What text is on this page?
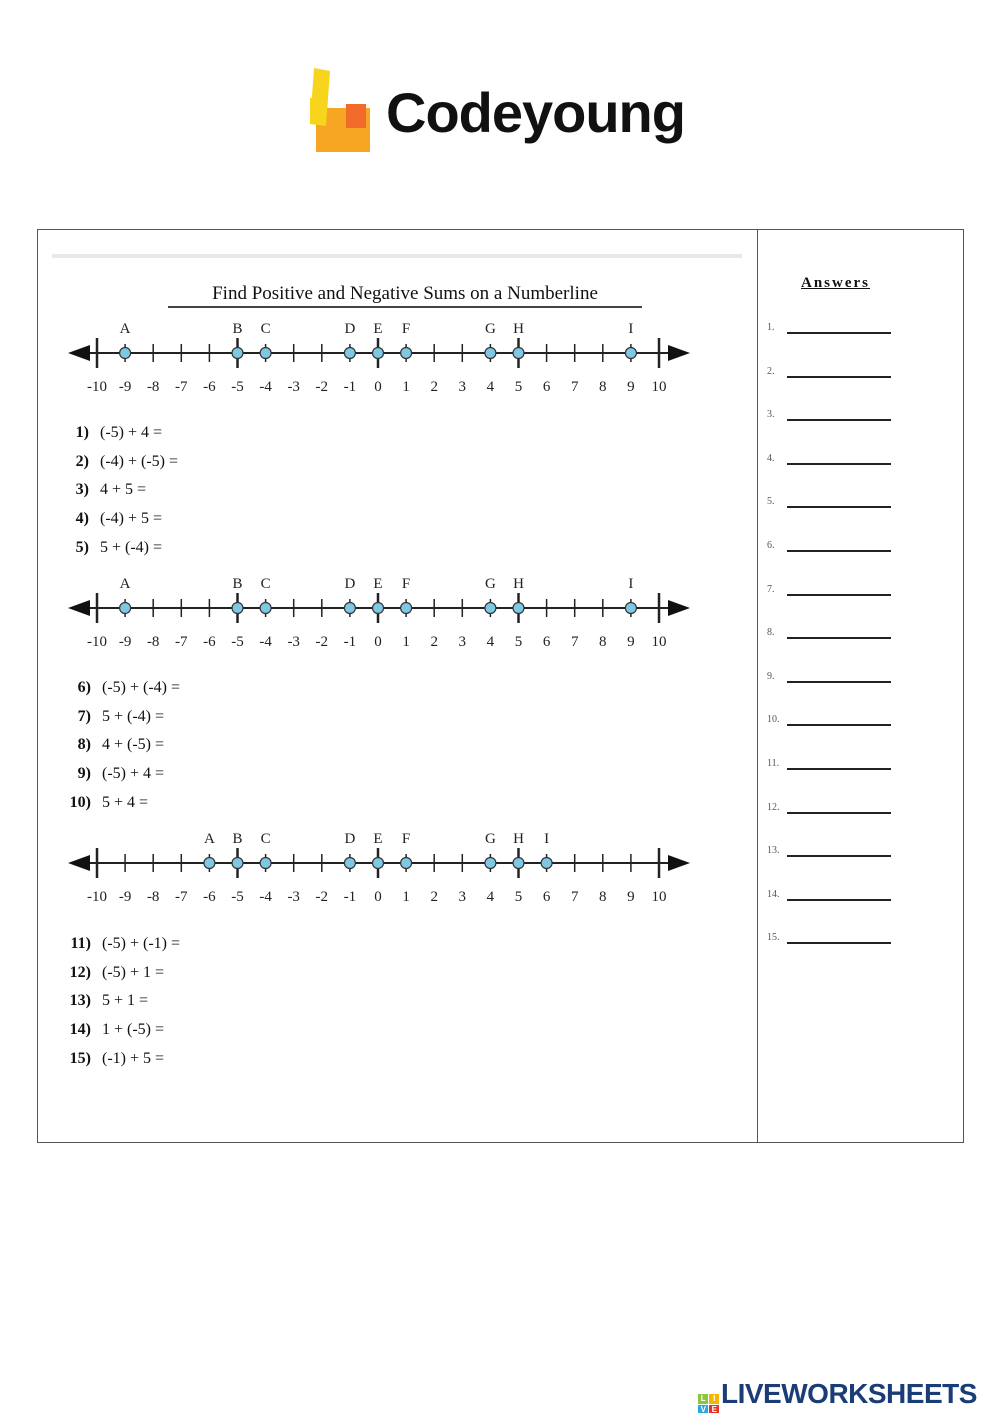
Codeyoung
Find Positive and Negative Sums on a Numberline
-10 -9 -8 -7 -6 -5 -4 -3 -2 -1 0 1 2 3 4 5 6 7 8 9 10
A	B C	D E F	G H	I
1) (-5) + 4 =
2) (-4) + (-5) =
3) 4 + 5 =
4) (-4) + 5 =
5) 5 + (-4) =
-10 -9 -8 -7 -6 -5 -4 -3 -2 -1 0 1 2 3 4 5 6 7 8 9 10
A	B C	D E F	G H	I
6) (-5) + (-4) =
7) 5 + (-4) =
8) 4 + (-5) =
9) (-5) + 4 =
10) 5 + 4 =
-10 -9 -8 -7 -6 -5 -4 -3 -2 -1 0 1 2 3 4 5 6 7 8 9 10
A B C	D E F	G H I
11) (-5) + (-1) =
12) (-5) + 1 =
13) 5 + 1 =
14) 1 + (-5) =
15) (-1) + 5 =
Answers
1.
2.
3.
4.
5.
6.
7.
8.
9.
10.
11.
12.
13.
14.
15.
L I
V E
LIVEWORKSHEETS
